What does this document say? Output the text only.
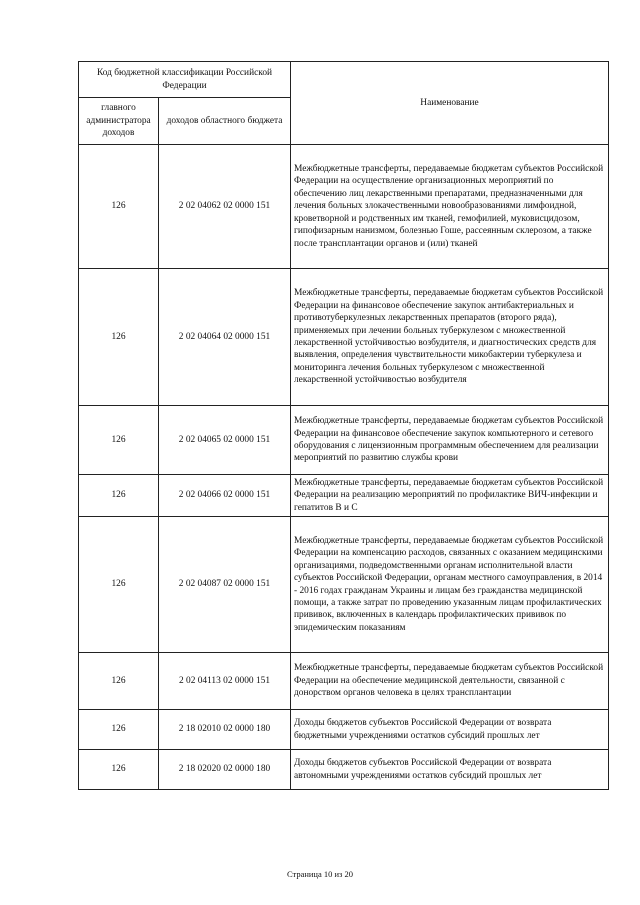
Код бюджетной классификации Российской Федерации		Наименование
главного администратора доходов	доходов областного бюджета	
126	2 02 04062 02 0000 151	Межбюджетные трансферты, передаваемые бюджетам субъектов Российской Федерации на осуществление организационных мероприятий по обеспечению лиц лекарственными препаратами, предназначенными для лечения больных злокачественными новообразованиями лимфоидной, кроветворной и родственных им тканей, гемофилией, муковисцидозом, гипофизарным нанизмом, болезнью Гоше, рассеянным склерозом, а также после трансплантации органов и (или) тканей
126	2 02 04064 02 0000 151	Межбюджетные трансферты, передаваемые бюджетам субъектов Российской Федерации на финансовое обеспечение закупок антибактериальных и противотуберкулезных лекарственных препаратов (второго ряда), применяемых при лечении больных туберкулезом с множественной лекарственной устойчивостью возбудителя, и диагностических средств для выявления, определения чувствительности микобактерии туберкулеза и мониторинга лечения больных туберкулезом с множественной лекарственной устойчивостью возбудителя
126	2 02 04065 02 0000 151	Межбюджетные трансферты, передаваемые бюджетам субъектов Российской Федерации на финансовое обеспечение закупок компьютерного и сетевого оборудования с лицензионным программным обеспечением для реализации мероприятий по развитию службы крови
126	2 02 04066 02 0000 151	Межбюджетные трансферты, передаваемые бюджетам субъектов Российской Федерации на реализацию мероприятий по профилактике ВИЧ-инфекции и гепатитов B и C
126	2 02 04087 02 0000 151	Межбюджетные трансферты, передаваемые бюджетам субъектов Российской Федерации на компенсацию расходов, связанных с оказанием медицинскими организациями, подведомственными органам исполнительной власти субъектов Российской Федерации, органам местного самоуправления, в 2014 - 2016 годах гражданам Украины и лицам без гражданства медицинской помощи, а также затрат по проведению указанным лицам профилактических прививок, включенных в календарь профилактических прививок по эпидемическим показаниям
126	2 02 04113 02 0000 151	Межбюджетные трансферты, передаваемые бюджетам субъектов Российской Федерации на обеспечение медицинской деятельности, связанной с донорством органов человека в целях трансплантации
126	2 18 02010 02 0000 180	Доходы бюджетов субъектов Российской Федерации от возврата бюджетными учреждениями остатков субсидий прошлых лет
126	2 18 02020 02 0000 180	Доходы бюджетов субъектов Российской Федерации от возврата автономными учреждениями остатков субсидий прошлых лет
Страница 10 из 20
